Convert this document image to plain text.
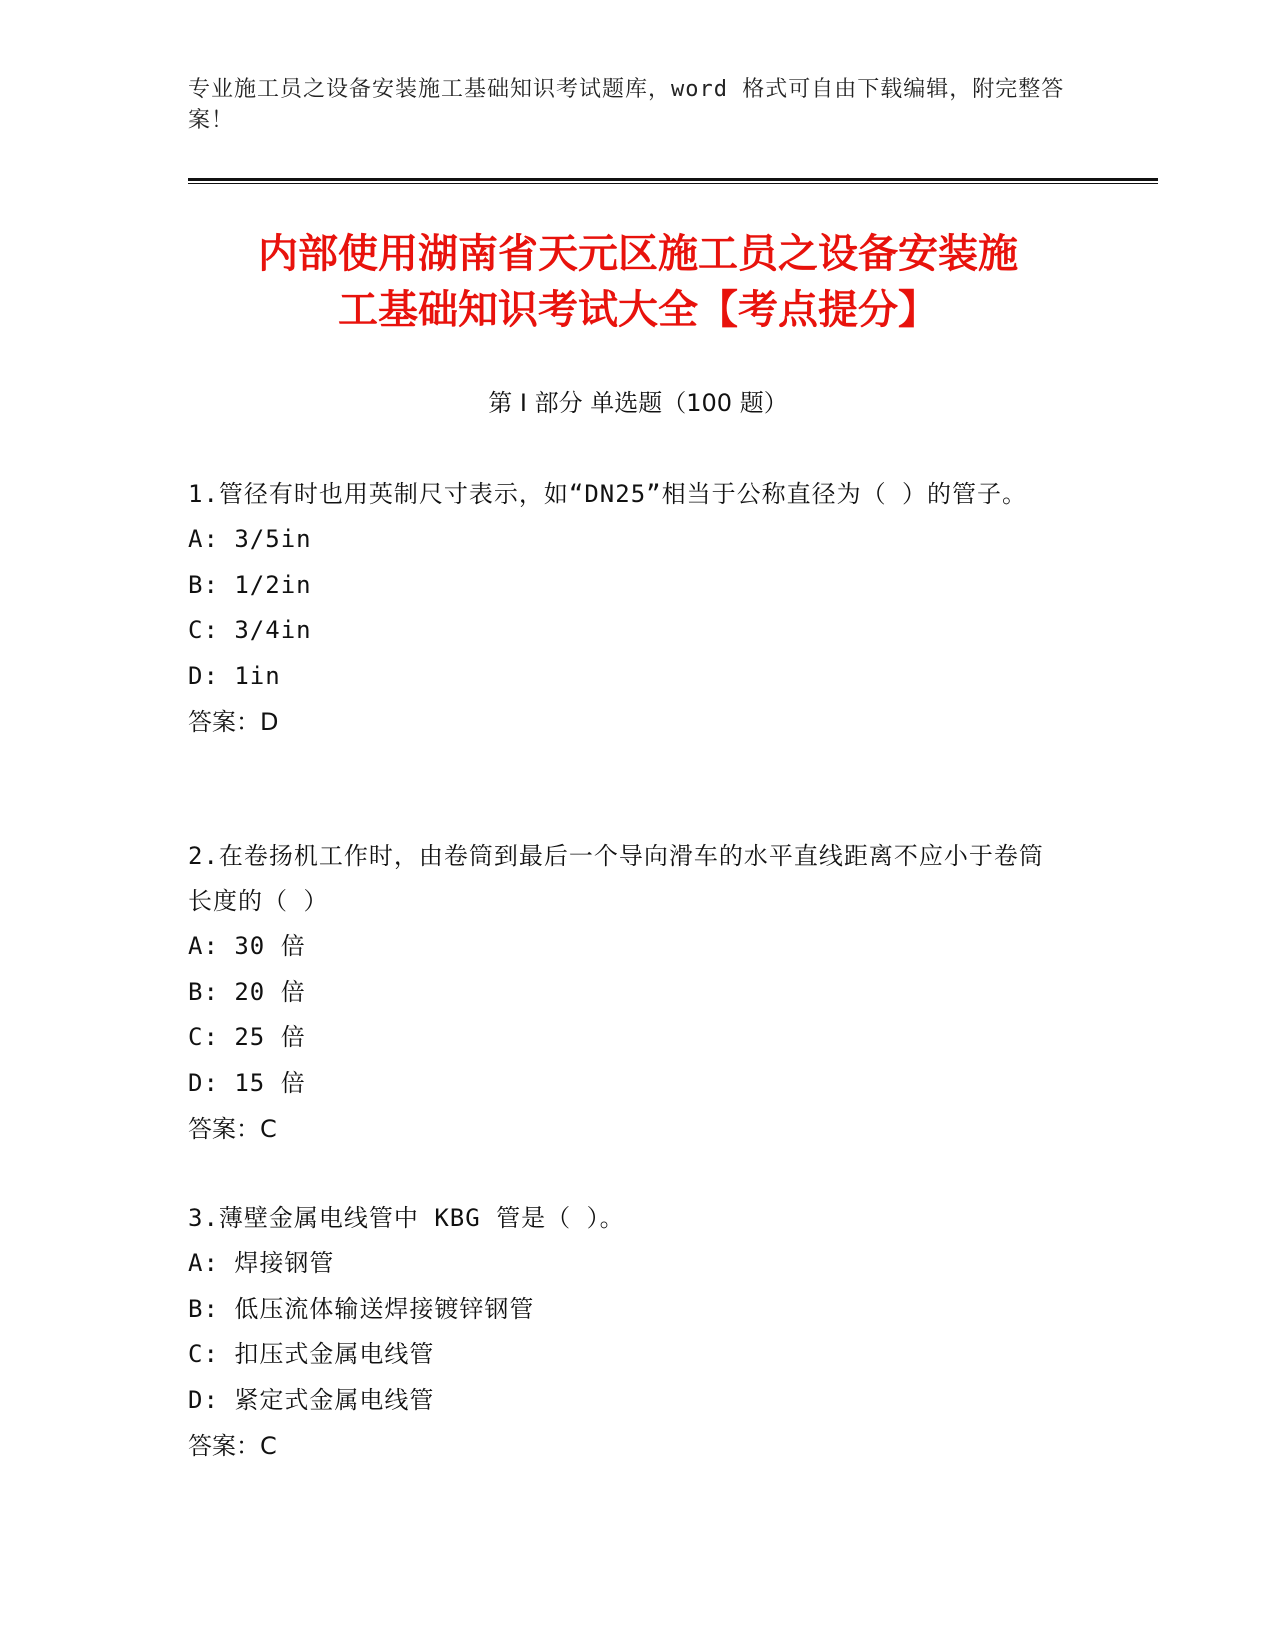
专业施工员之设备安装施工基础知识考试题库，word 格式可自由下载编辑，附完整答案！
内部使用湖南省天元区施工员之设备安装施
工基础知识考试大全【考点提分】
第 I 部分 单选题（100 题）

1.管径有时也用英制尺寸表示，如“DN25”相当于公称直径为（ ）的管子。

A: 3/5in

B: 1/2in

C: 3/4in

D: 1in

答案：D

2.在卷扬机工作时，由卷筒到最后一个导向滑车的水平直线距离不应小于卷筒长度的（ ）

A: 30 倍

B: 20 倍

C: 25 倍

D: 15 倍

答案：C

3.薄壁金属电线管中 KBG 管是（ ）。

A: 焊接钢管

B: 低压流体输送焊接镀锌钢管

C: 扣压式金属电线管

D: 紧定式金属电线管

答案：C
